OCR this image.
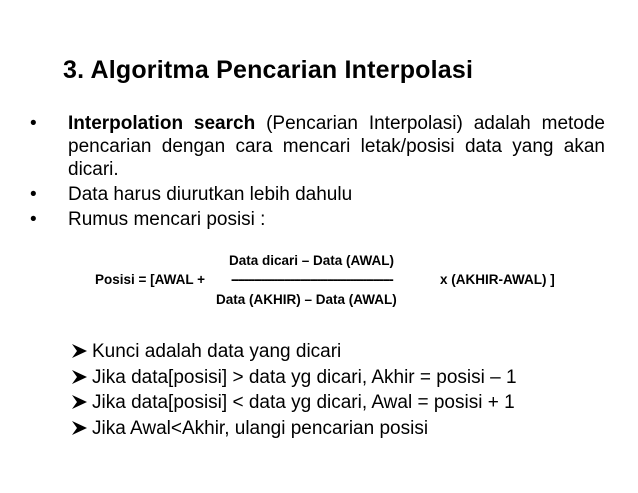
3. Algoritma Pencarian Interpolasi
• Interpolation search (Pencarian Interpolasi) adalah metode pencarian dengan cara mencari letak/posisi data yang akan dicari.
• Data harus diurutkan lebih dahulu
• Rumus mencari posisi :
Data dicari – Data (AWAL)
Posisi = [AWAL + -------------------------------------------------	x (AKHIR-AWAL) ]
Data (AKHIR) – Data (AWAL)
Kunci adalah data yang dicari
Jika data[posisi] > data yg dicari, Akhir = posisi – 1
Jika data[posisi] < data yg dicari, Awal = posisi + 1
Jika Awal<Akhir, ulangi pencarian posisi
